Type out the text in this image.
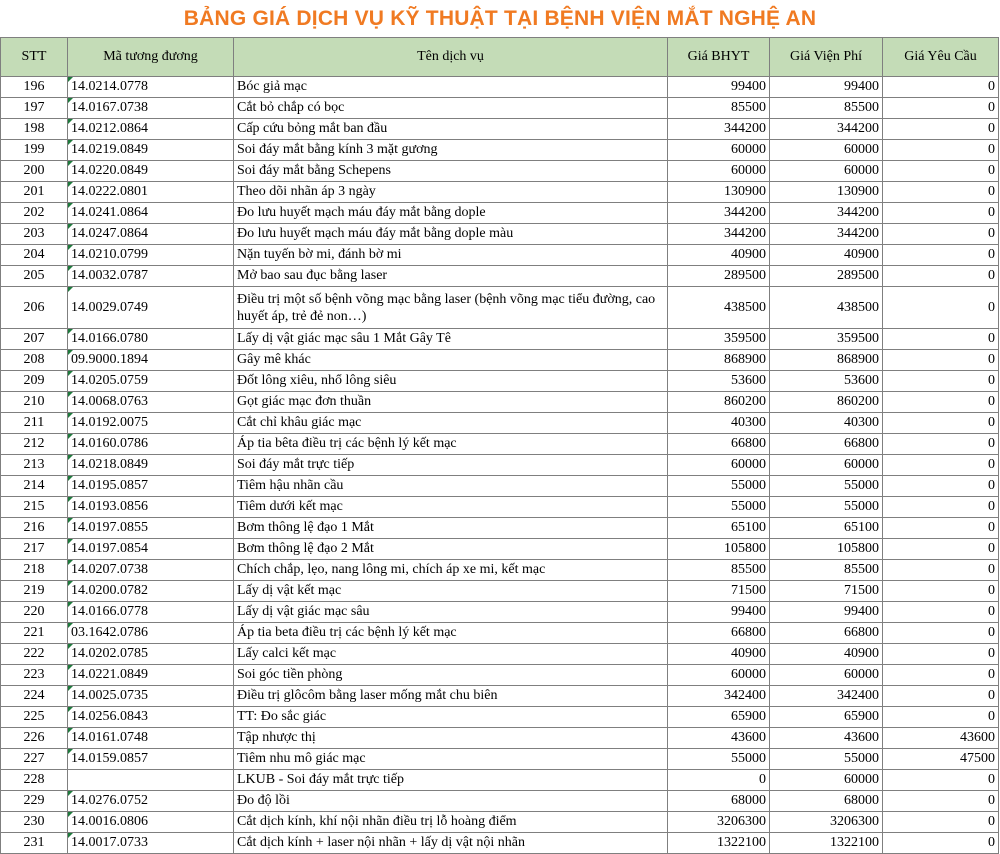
BẢNG GIÁ DỊCH VỤ KỸ THUẬT TẠI BỆNH VIỆN MẮT NGHỆ AN
STT	Mã tương đương	Tên dịch vụ	Giá BHYT	Giá Viện Phí	Giá Yêu Cầu
196	14.0214.0778	Bóc giả mạc	99400	99400	0
197	14.0167.0738	Cắt bỏ chắp có bọc	85500	85500	0
198	14.0212.0864	Cấp cứu bỏng mắt ban đầu	344200	344200	0
199	14.0219.0849	Soi đáy mắt bằng kính 3 mặt gương	60000	60000	0
200	14.0220.0849	Soi đáy mắt bằng Schepens	60000	60000	0
201	14.0222.0801	Theo dõi nhãn áp 3 ngày	130900	130900	0
202	14.0241.0864	Đo lưu huyết mạch máu đáy mắt bằng dople	344200	344200	0
203	14.0247.0864	Đo lưu huyết mạch máu đáy mắt bằng dople màu	344200	344200	0
204	14.0210.0799	Nặn tuyến bờ mi, đánh bờ mi	40900	40900	0
205	14.0032.0787	Mở bao sau đục bằng laser	289500	289500	0
206	14.0029.0749	Điều trị một số bệnh võng mạc bằng laser (bệnh võng mạc tiểu đường, cao huyết áp, trẻ đẻ non…)	438500	438500	0
207	14.0166.0780	Lấy dị vật giác mạc sâu 1 Mắt Gây Tê	359500	359500	0
208	09.9000.1894	Gây mê khác	868900	868900	0
209	14.0205.0759	Đốt lông xiêu, nhổ lông siêu	53600	53600	0
210	14.0068.0763	Gọt giác mạc đơn thuần	860200	860200	0
211	14.0192.0075	Cắt chỉ khâu giác mạc	40300	40300	0
212	14.0160.0786	Áp tia bêta điều trị các bệnh lý kết mạc	66800	66800	0
213	14.0218.0849	Soi đáy mắt trực tiếp	60000	60000	0
214	14.0195.0857	Tiêm hậu nhãn cầu	55000	55000	0
215	14.0193.0856	Tiêm dưới kết mạc	55000	55000	0
216	14.0197.0855	Bơm thông lệ đạo 1 Mắt	65100	65100	0
217	14.0197.0854	Bơm thông lệ đạo 2 Mắt	105800	105800	0
218	14.0207.0738	Chích chắp, lẹo, nang lông mi, chích áp xe mi, kết mạc	85500	85500	0
219	14.0200.0782	Lấy dị vật kết mạc	71500	71500	0
220	14.0166.0778	Lấy dị vật giác mạc sâu	99400	99400	0
221	03.1642.0786	Áp tia beta điều trị các bệnh lý kết mạc	66800	66800	0
222	14.0202.0785	Lấy calci kết mạc	40900	40900	0
223	14.0221.0849	Soi góc tiền phòng	60000	60000	0
224	14.0025.0735	Điều trị glôcôm bằng laser mống mắt chu biên	342400	342400	0
225	14.0256.0843	TT: Đo sắc giác	65900	65900	0
226	14.0161.0748	Tập nhược thị	43600	43600	43600
227	14.0159.0857	Tiêm nhu mô giác mạc	55000	55000	47500
228		LKUB - Soi đáy mắt trực tiếp	0	60000	0
229	14.0276.0752	Đo độ lồi	68000	68000	0
230	14.0016.0806	Cắt dịch kính, khí nội nhãn điều trị lỗ hoàng điểm	3206300	3206300	0
231	14.0017.0733	Cắt dịch kính + laser nội nhãn + lấy dị vật nội nhãn	1322100	1322100	0
